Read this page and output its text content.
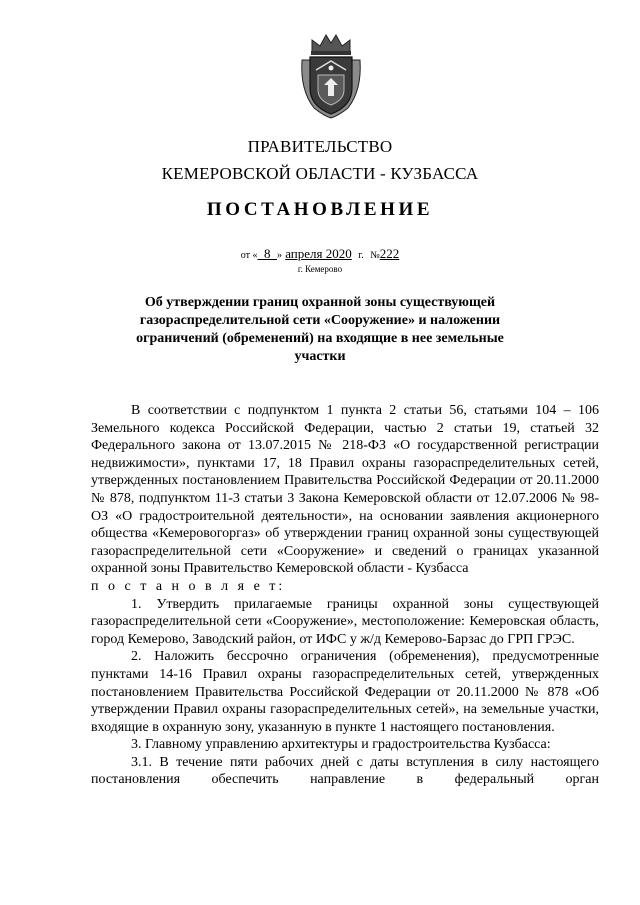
ПРАВИТЕЛЬСТВО
КЕМЕРОВСКОЙ ОБЛАСТИ - КУЗБАССА
ПОСТАНОВЛЕНИЕ
от « 8 » апреля 2020 г. №222
г. Кемерово
Об утверждении границ охранной зоны существующей газораспределительной сети «Сооружение» и наложении ограничений (обременений) на входящие в нее земельные участки

В соответствии с подпунктом 1 пункта 2 статьи 56, статьями 104 – 106 Земельного кодекса Российской Федерации, частью 2 статьи 19, статьей 32 Федерального закона от 13.07.2015 № 218-ФЗ «О государственной регистрации недвижимости», пунктами 17, 18 Правил охраны газораспределительных сетей, утвержденных постановлением Правительства Российской Федерации от 20.11.2000 № 878, подпунктом 11-3 статьи 3 Закона Кемеровской области от 12.07.2006 № 98-ОЗ «О градостроительной деятельности», на основании заявления акционерного общества «Кемеровогоргаз» об утверждении границ охранной зоны существующей газораспределительной сети «Сооружение» и сведений о границах указанной охранной зоны Правительство Кемеровской области - Кузбасса

п о с т а н о в л я е т:

1. Утвердить прилагаемые границы охранной зоны существующей газораспределительной сети «Сооружение», местоположение: Кемеровская область, город Кемерово, Заводский район, от ИФС у ж/д Кемерово-Барзас до ГРП ГРЭС.

2. Наложить бессрочно ограничения (обременения), предусмотренные пунктами 14-16 Правил охраны газораспределительных сетей, утвержденных постановлением Правительства Российской Федерации от 20.11.2000 № 878 «Об утверждении Правил охраны газораспределительных сетей», на земельные участки, входящие в охранную зону, указанную в пункте 1 настоящего постановления.

3. Главному управлению архитектуры и градостроительства Кузбасса:

3.1. В течение пяти рабочих дней с даты вступления в силу настоящего постановления обеспечить направление в федеральный орган
